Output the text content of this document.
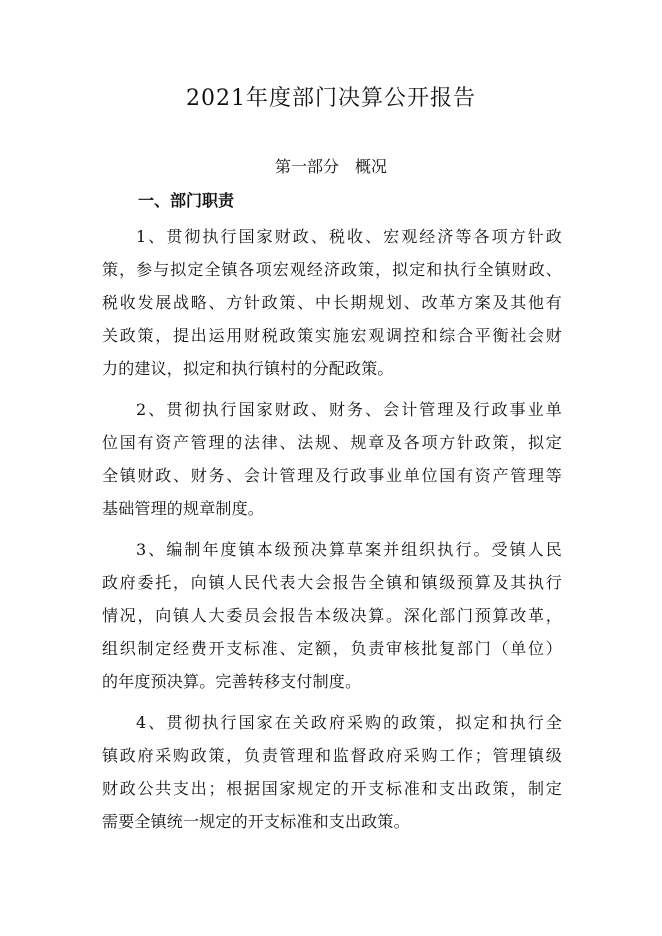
2021年度部门决算公开报告
第一部分　概况
一、部门职责
1、贯彻执行国家财政、税收、宏观经济等各项方针政
策，参与拟定全镇各项宏观经济政策，拟定和执行全镇财政、
税收发展战略、方针政策、中长期规划、改革方案及其他有
关政策，提出运用财税政策实施宏观调控和综合平衡社会财
力的建议，拟定和执行镇村的分配政策。
2、贯彻执行国家财政、财务、会计管理及行政事业单
位国有资产管理的法律、法规、规章及各项方针政策，拟定
全镇财政、财务、会计管理及行政事业单位国有资产管理等
基础管理的规章制度。
3、编制年度镇本级预决算草案并组织执行。受镇人民
政府委托，向镇人民代表大会报告全镇和镇级预算及其执行
情况，向镇人大委员会报告本级决算。深化部门预算改革，
组织制定经费开支标准、定额，负责审核批复部门（单位）
的年度预决算。完善转移支付制度。
4、贯彻执行国家在关政府采购的政策，拟定和执行全
镇政府采购政策，负责管理和监督政府采购工作；管理镇级
财政公共支出；根据国家规定的开支标准和支出政策，制定
需要全镇统一规定的开支标准和支出政策。
